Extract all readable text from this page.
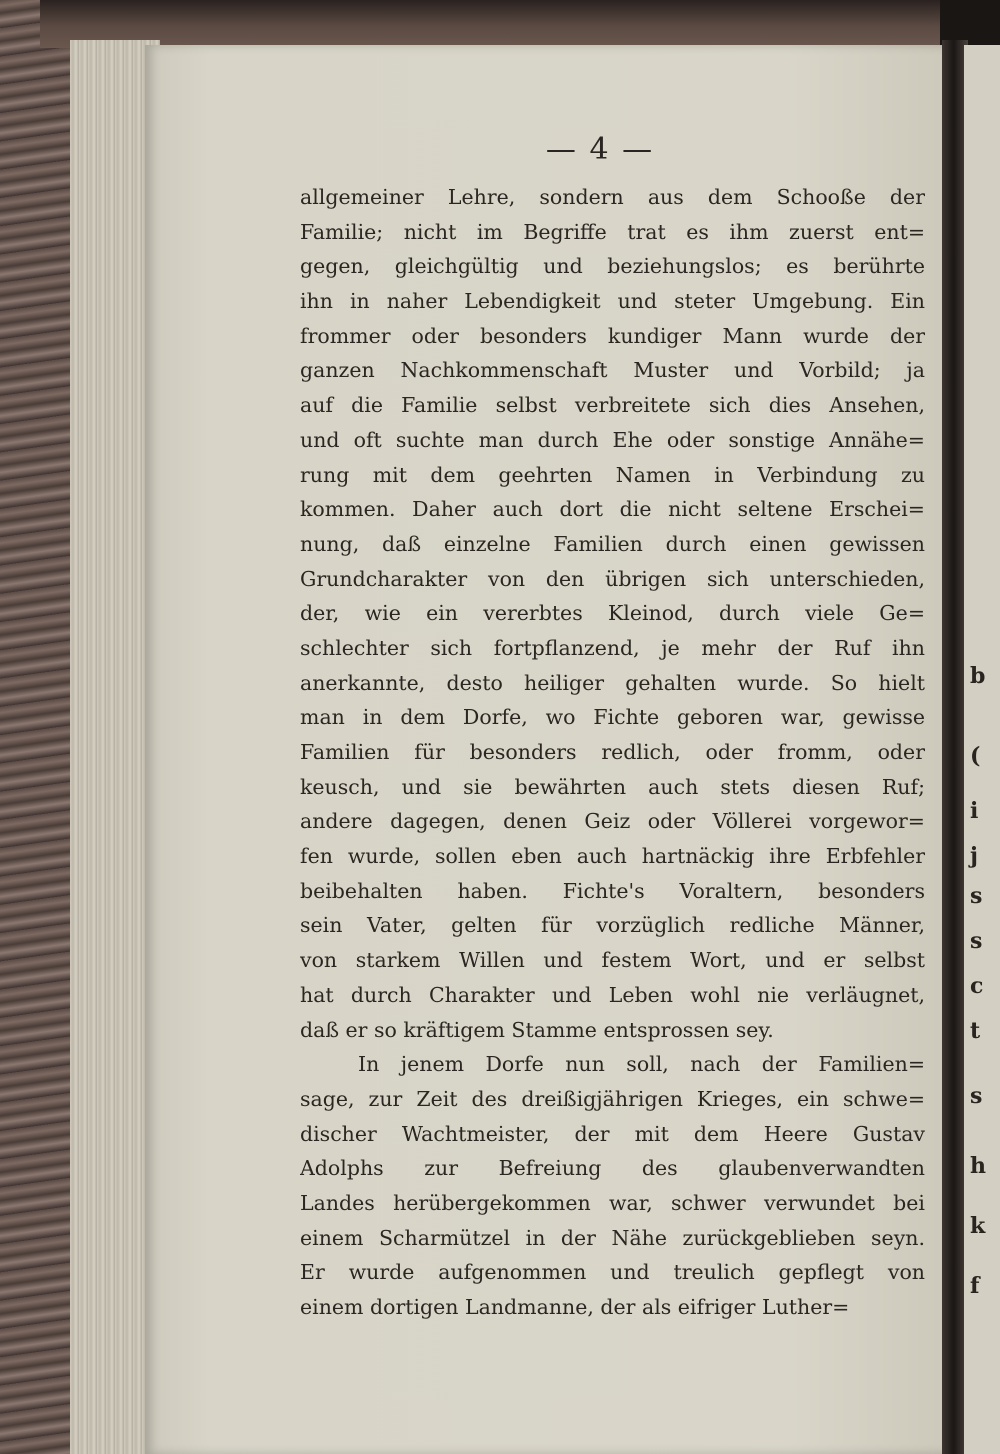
— 4 —
allgemeiner Lehre, sondern aus dem Schooße der
Familie; nicht im Begriffe trat es ihm zuerst ent=
gegen, gleichgültig und beziehungslos; es berührte
ihn in naher Lebendigkeit und steter Umgebung. Ein
frommer oder besonders kundiger Mann wurde der
ganzen Nachkommenschaft Muster und Vorbild; ja
auf die Familie selbst verbreitete sich dies Ansehen,
und oft suchte man durch Ehe oder sonstige Annähe=
rung mit dem geehrten Namen in Verbindung zu
kommen. Daher auch dort die nicht seltene Erschei=
nung, daß einzelne Familien durch einen gewissen
Grundcharakter von den übrigen sich unterschieden,
der, wie ein vererbtes Kleinod, durch viele Ge=
schlechter sich fortpflanzend, je mehr der Ruf ihn
anerkannte, desto heiliger gehalten wurde. So hielt
man in dem Dorfe, wo Fichte geboren war, gewisse
Familien für besonders redlich, oder fromm, oder
keusch, und sie bewährten auch stets diesen Ruf;
andere dagegen, denen Geiz oder Völlerei vorgewor=
fen wurde, sollen eben auch hartnäckig ihre Erbfehler
beibehalten haben. Fichte's Voraltern, besonders
sein Vater, gelten für vorzüglich redliche Männer,
von starkem Willen und festem Wort, und er selbst
hat durch Charakter und Leben wohl nie verläugnet,
daß er so kräftigem Stamme entsprossen sey.
In jenem Dorfe nun soll, nach der Familien=
sage, zur Zeit des dreißigjährigen Krieges, ein schwe=
discher Wachtmeister, der mit dem Heere Gustav
Adolphs zur Befreiung des glaubenverwandten
Landes herübergekommen war, schwer verwundet bei
einem Scharmützel in der Nähe zurückgeblieben seyn.
Er wurde aufgenommen und treulich gepflegt von
einem dortigen Landmanne, der als eifriger Luther=
b
(
i
j
s
s
c
t
s
h
k
f
